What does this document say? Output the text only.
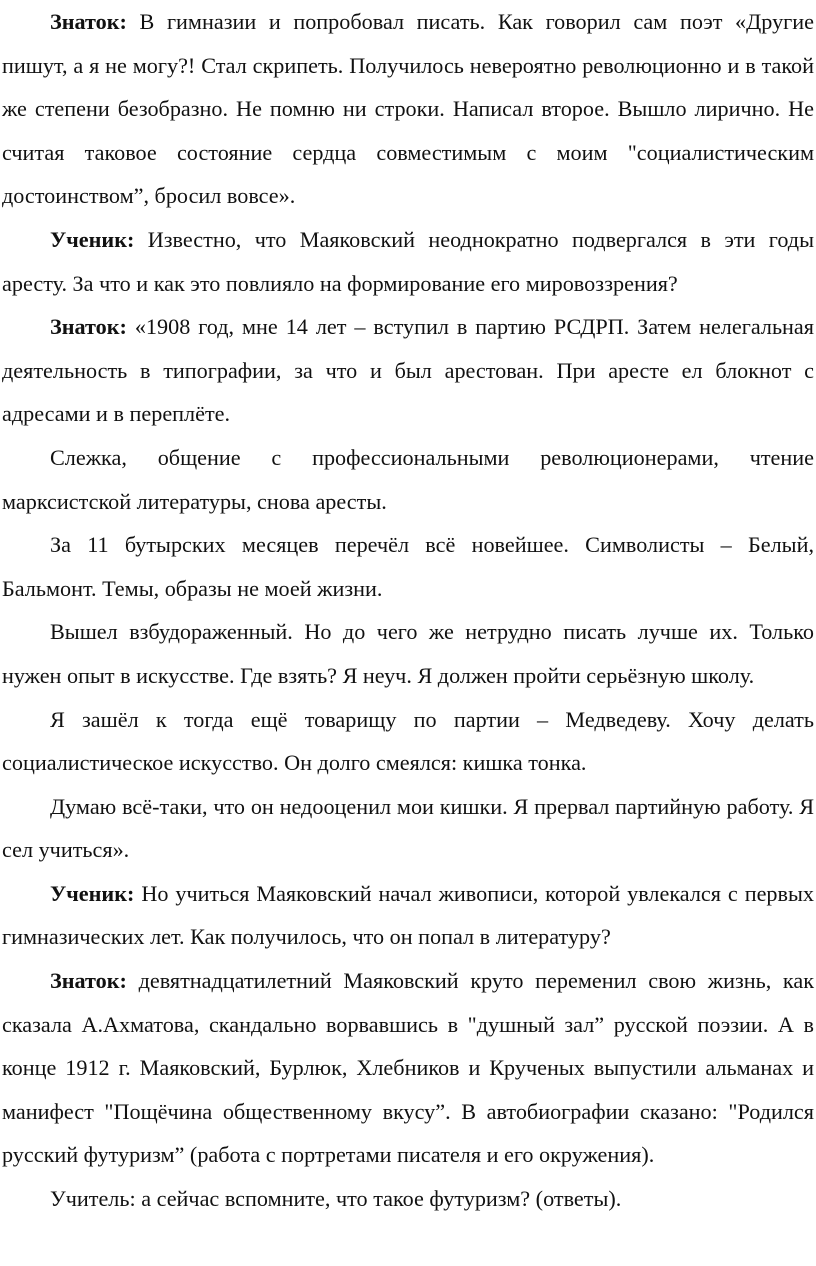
Знаток: В гимназии и попробовал писать. Как говорил сам поэт «Другие пишут, а я не могу?! Стал скрипеть. Получилось невероятно революционно и в такой же степени безобразно. Не помню ни строки. Написал второе. Вышло лирично. Не считая таковое состояние сердца совместимым с моим "социалистическим достоинством”, бросил вовсе».

Ученик: Известно, что Маяковский неоднократно подвергался в эти годы аресту. За что и как это повлияло на формирование его мировоззрения?

Знаток: «1908 год, мне 14 лет – вступил в партию РСДРП. Затем нелегальная деятельность в типографии, за что и был арестован. При аресте ел блокнот с адресами и в переплёте.

Слежка, общение с профессиональными революционерами, чтение марксистской литературы, снова аресты.

За 11 бутырских месяцев перечёл всё новейшее. Символисты – Белый, Бальмонт. Темы, образы не моей жизни.

Вышел взбудораженный. Но до чего же нетрудно писать лучше их. Только нужен опыт в искусстве. Где взять? Я неуч. Я должен пройти серьёзную школу.

Я зашёл к тогда ещё товарищу по партии – Медведеву. Хочу делать социалистическое искусство. Он долго смеялся: кишка тонка.

Думаю всё-таки, что он недооценил мои кишки. Я прервал партийную работу. Я сел учиться».

Ученик: Но учиться Маяковский начал живописи, которой увлекался с первых гимназических лет. Как получилось, что он попал в литературу?

Знаток: девятнадцатилетний Маяковский круто переменил свою жизнь, как сказала А.Ахматова, скандально ворвавшись в "душный зал” русской поэзии. А в конце 1912 г. Маяковский, Бурлюк, Хлебников и Крученых выпустили альманах и манифест "Пощёчина общественному вкусу”. В автобиографии сказано: "Родился русский футуризм” (работа с портретами писателя и его окружения).

Учитель: а сейчас вспомните, что такое футуризм? (ответы).
